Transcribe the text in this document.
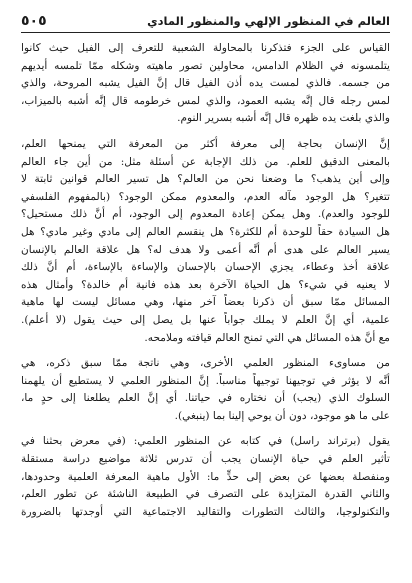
العالم في المنظور الإلهي والمنظور المادي
٥٠٥
القياس على الجزء فتذكرنا بالمحاولة الشعبية للتعرف إلى الفيل حيث كانوا
يتلمسونه في الظلام الدامس، محاولين تصور ماهيته وشكله ممّا تلمسه أيديهم
من جسمه. فالذي لمست يده أذن الفيل قال إنَّ الفيل يشبه المروحة، والذي
لمس رجله قال إنَّه يشبه العمود، والذي لمس خرطومه قال إنَّه أشبه بالميزاب،
والذي بلغت يده ظهره قال إنَّه أشبه بسرير النوم.
إنَّ الإنسان بحاجة إلى معرفة أكثر من المعرفة التي يمنحها العلم،
بالمعنى الدقيق للعلم. من ذلك الإجابة عن أسئلة مثل: من أين جاء العالم
وإلى أين يذهب؟ ما وضعنا نحن من العالم؟ هل تسير العالم قوانين ثابتة لا
تتغير؟ هل الوجود مآله العدم، والمعدوم ممكن الوجود؟ (بالمفهوم الفلسفي
للوجود والعدم). وهل يمكن إعادة المعدوم إلى الوجود، أم أنَّ ذلك مستحيل؟
هل السيادة حقاً للوحدة أم للكثرة؟ هل ينقسم العالم إلى مادي وغير مادي؟ هل
يسير العالم على هدى أم أنَّه أعمى ولا هدف له؟ هل علاقة العالم بالإنسان
علاقة أخذ وعطاء، يجزي الإحسان بالإحسان والإساءة بالإساءة، أم أنَّ ذلك
لا يعنيه في شيء؟ هل الحياة الآخرة بعد هذه فانية أم خالدة؟ وأمثال هذه
المسائل ممّا سبق أن ذكرنا بعضاً آخر منها، وهي مسائل ليست لها ماهية
علمية، أي إنَّ العلم لا يملك جواباً عنها بل يصل إلى حيث يقول (لا أعلم).
مع أنَّ هذه المسائل هي التي تمنح العالم قيافته وملامحه.
من مساوىء المنظور العلمي الأخرى، وهي ناتجة ممّا سبق ذكره، هي
أنَّه لا يؤثر في توجيهنا توجيهاً مناسباً. إنَّ المنظور العلمي لا يستطيع أن يلهمنا
السلوك الذي (يجب) أن نختاره في حياتنا. أي إنَّ العلم يطلعنا إلى حدٍ ما،
على ما هو موجود، دون أن يوحي إلينا بما (ينبغي).
يقول (برتراند راسل) في كتابه عن المنظور العلمي: (في معرض بحثنا في
تأثير العلم في حياة الإنسان يجب أن تدرس ثلاثة مواضيع دراسة مستقلة
ومنفصلة بعضها عن بعض إلى حدٍّ ما: الأول ماهية المعرفة العلمية وحدودها،
والثاني القدرة المتزايدة على التصرف في الطبيعة الناشئة عن تطور العلم،
والتكنولوجيا، والثالث التطورات والتقاليد الاجتماعية التي أوجدتها بالضرورة
